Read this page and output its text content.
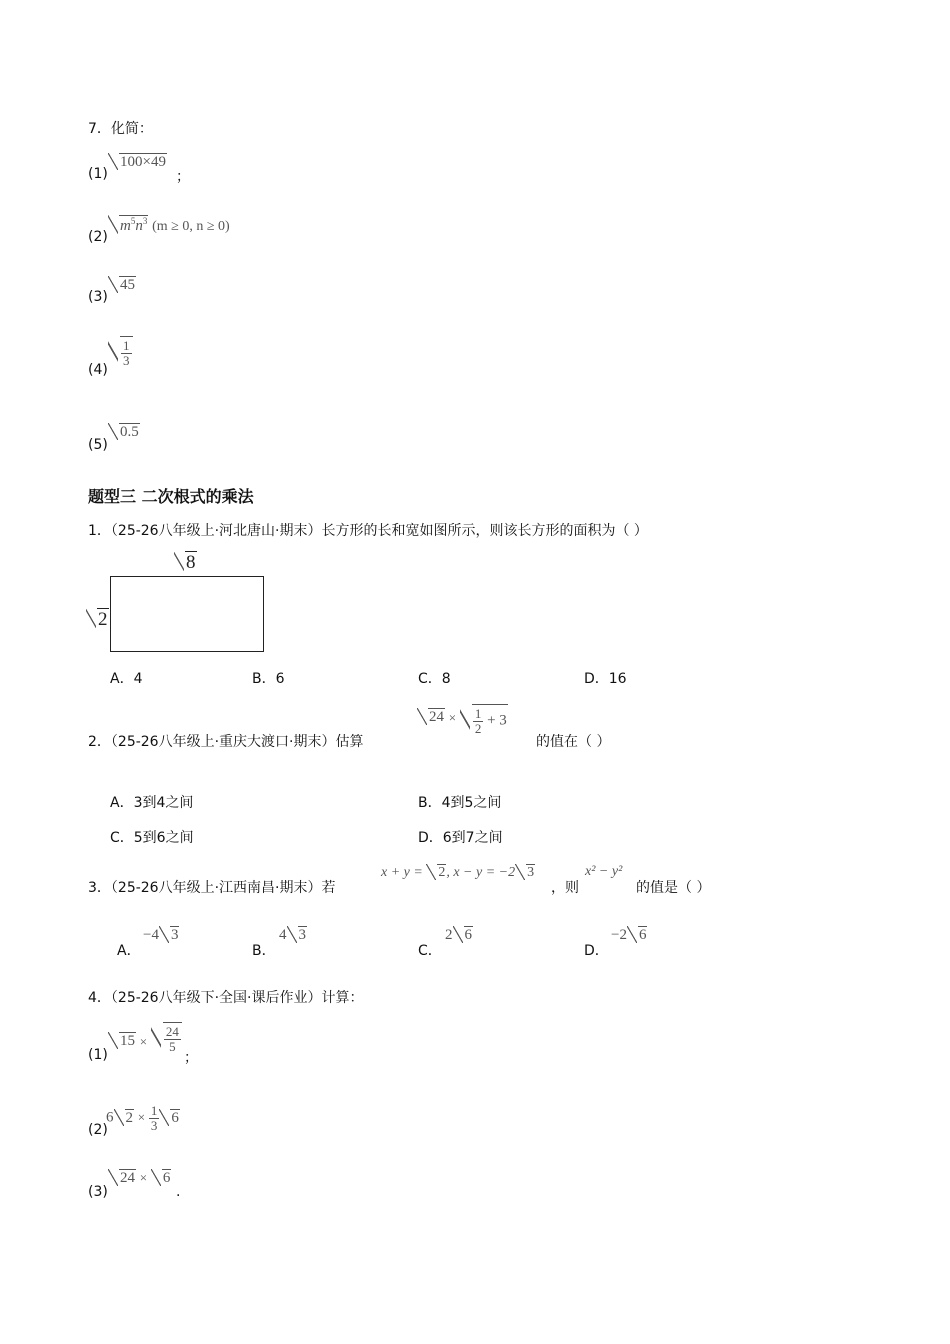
7．化简：
(1)
100×49
；
(2)
$m^5n^3$ (m ≥ 0, n ≥ 0)
(3)
45
(4)
$\frac{1}{3}$
(5)
0.5
题型三 二次根式的乘法
1．（25-26八年级上·河北唐山·期末）长方形的长和宽如图所示，则该长方形的面积为（ ）
8
2
A．4	B．6	C．8	D．16
2．（25-26八年级上·重庆大渡口·期末）估算
$24 \times \frac{1}{2} + 3$
的值在（ ）
A．3到4之间	B．4到5之间
C．5到6之间	D．6到7之间
3．（25-26八年级上·江西南昌·期末）若
x + y = 2, x − y = −2 3
，则
x² − y²
的值是（ ）
A．
−4 3
B．
4 3
C．
2 6
D．
−2 6
4．（25-26八年级下·全国·课后作业）计算：
(1)
$15 \times \frac{24}{5}$
；
(2)
6 $2 \times \frac{1}{3} 6$
(3)
24 × 6
.
